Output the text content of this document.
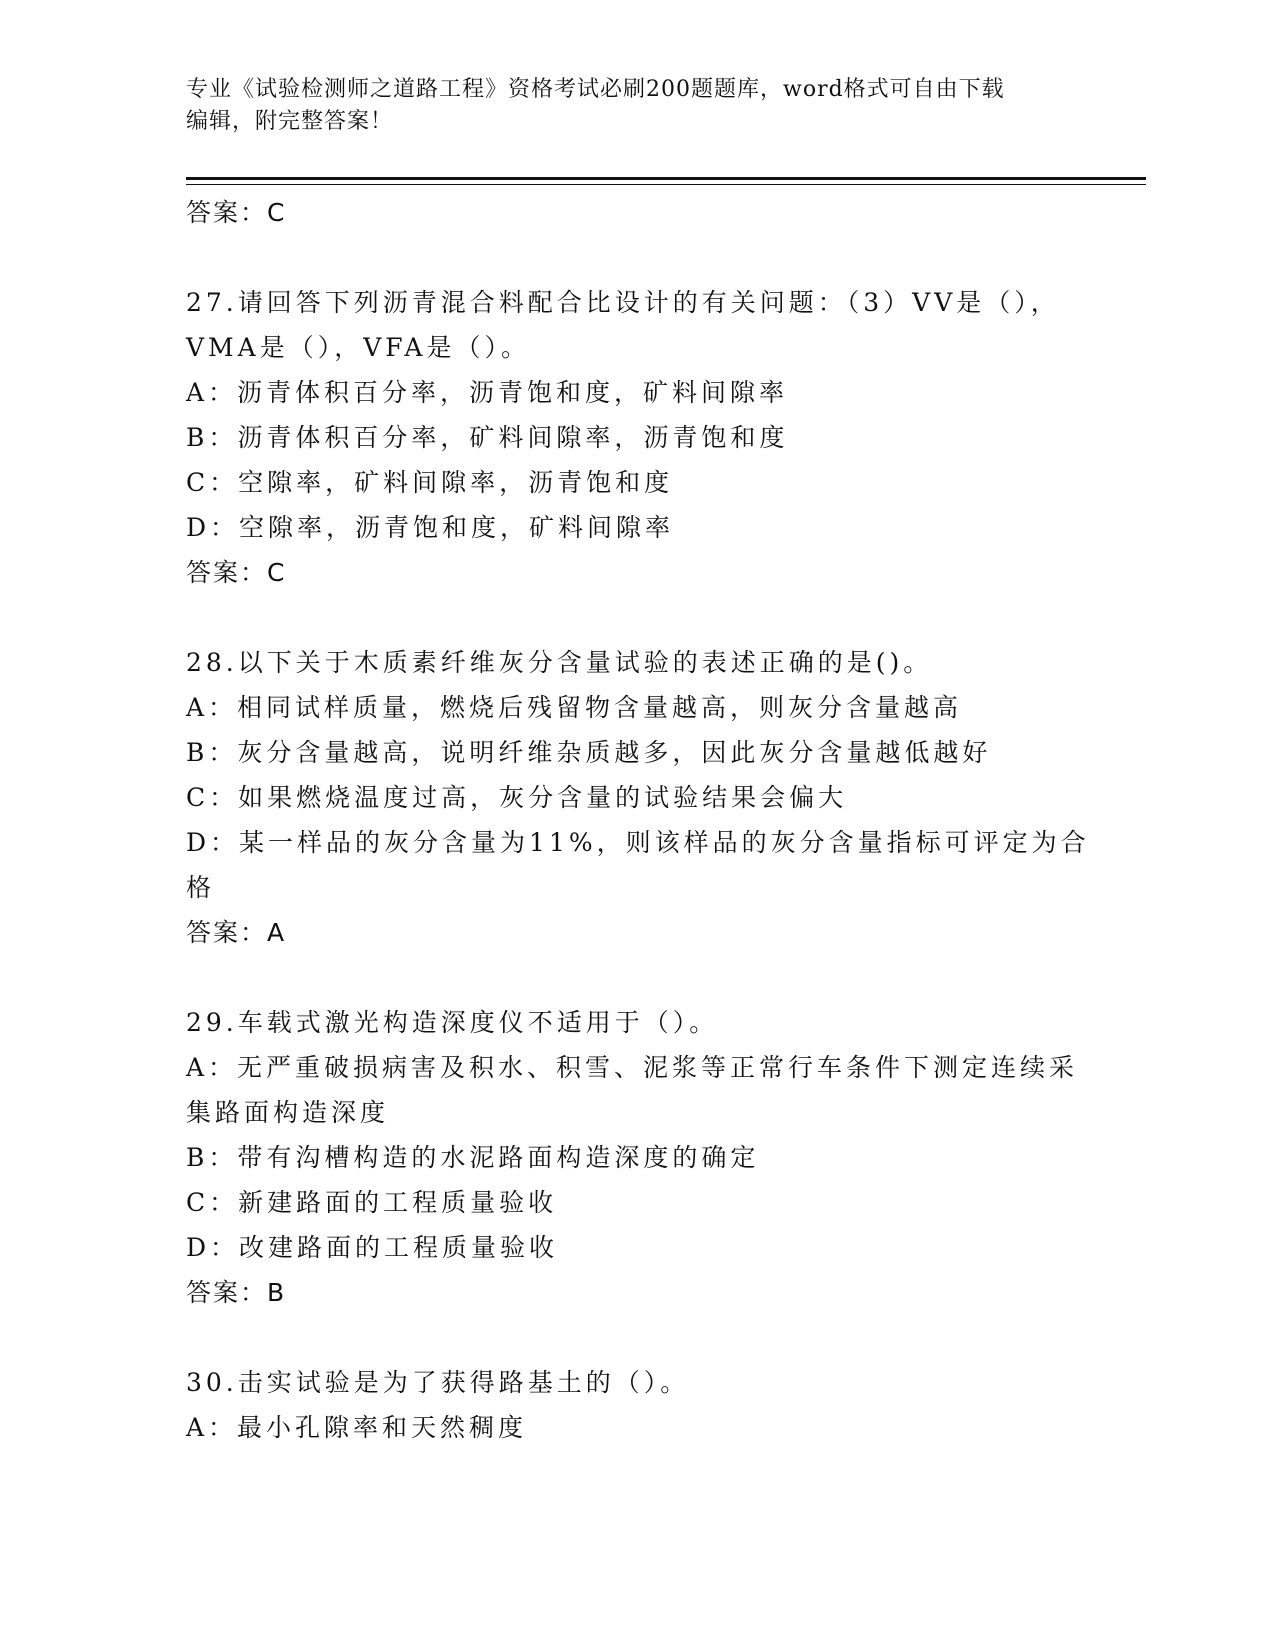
专业《试验检测师之道路工程》资格考试必刷200题题库，word格式可自由下载
编辑，附完整答案！
答案：C
27.请回答下列沥青混合料配合比设计的有关问题：（3）VV是（），
VMA是（），VFA是（）。
A：沥青体积百分率，沥青饱和度，矿料间隙率
B：沥青体积百分率，矿料间隙率，沥青饱和度
C：空隙率，矿料间隙率，沥青饱和度
D：空隙率，沥青饱和度，矿料间隙率
答案：C
28.以下关于木质素纤维灰分含量试验的表述正确的是()。
A：相同试样质量，燃烧后残留物含量越高，则灰分含量越高
B：灰分含量越高，说明纤维杂质越多，因此灰分含量越低越好
C：如果燃烧温度过高，灰分含量的试验结果会偏大
D：某一样品的灰分含量为11%，则该样品的灰分含量指标可评定为合
格
答案：A
29.车载式激光构造深度仪不适用于（）。
A：无严重破损病害及积水、积雪、泥浆等正常行车条件下测定连续采
集路面构造深度
B：带有沟槽构造的水泥路面构造深度的确定
C：新建路面的工程质量验收
D：改建路面的工程质量验收
答案：B
30.击实试验是为了获得路基土的（）。
A：最小孔隙率和天然稠度
